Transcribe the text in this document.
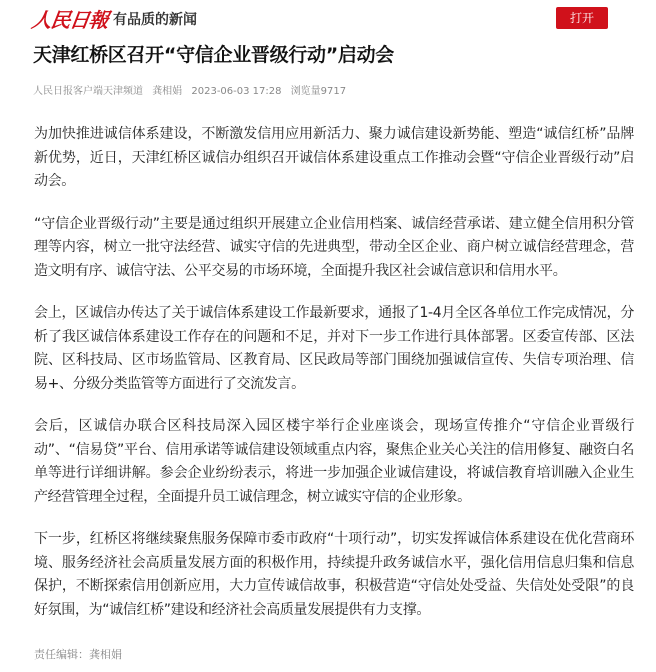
人民日報 有品质的新闻	打开
天津红桥区召开“守信企业晋级行动”启动会
人民日报客户端天津频道 龚相娟 2023-06-03 17:28 浏览量9717

为加快推进诚信体系建设，不断激发信用应用新活力、聚力诚信建设新势能、塑造“诚信红桥”品牌新优势，近日，天津红桥区诚信办组织召开诚信体系建设重点工作推动会暨“守信企业晋级行动”启动会。

“守信企业晋级行动”主要是通过组织开展建立企业信用档案、诚信经营承诺、建立健全信用积分管理等内容，树立一批守法经营、诚实守信的先进典型，带动全区企业、商户树立诚信经营理念，营造文明有序、诚信守法、公平交易的市场环境，全面提升我区社会诚信意识和信用水平。

会上，区诚信办传达了关于诚信体系建设工作最新要求，通报了1-4月全区各单位工作完成情况，分析了我区诚信体系建设工作存在的问题和不足，并对下一步工作进行具体部署。区委宣传部、区法院、区科技局、区市场监管局、区教育局、区民政局等部门围绕加强诚信宣传、失信专项治理、信易+、分级分类监管等方面进行了交流发言。

会后，区诚信办联合区科技局深入园区楼宇举行企业座谈会，现场宣传推介“守信企业晋级行动”、“信易贷”平台、信用承诺等诚信建设领域重点内容，聚焦企业关心关注的信用修复、融资白名单等进行详细讲解。参会企业纷纷表示，将进一步加强企业诚信建设，将诚信教育培训融入企业生产经营管理全过程，全面提升员工诚信理念，树立诚实守信的企业形象。

下一步，红桥区将继续聚焦服务保障市委市政府“十项行动”，切实发挥诚信体系建设在优化营商环境、服务经济社会高质量发展方面的积极作用，持续提升政务诚信水平，强化信用信息归集和信息保护，不断探索信用创新应用，大力宣传诚信故事，积极营造“守信处处受益、失信处处受限”的良好氛围，为“诚信红桥”建设和经济社会高质量发展提供有力支撑。

责任编辑：龚相娟
